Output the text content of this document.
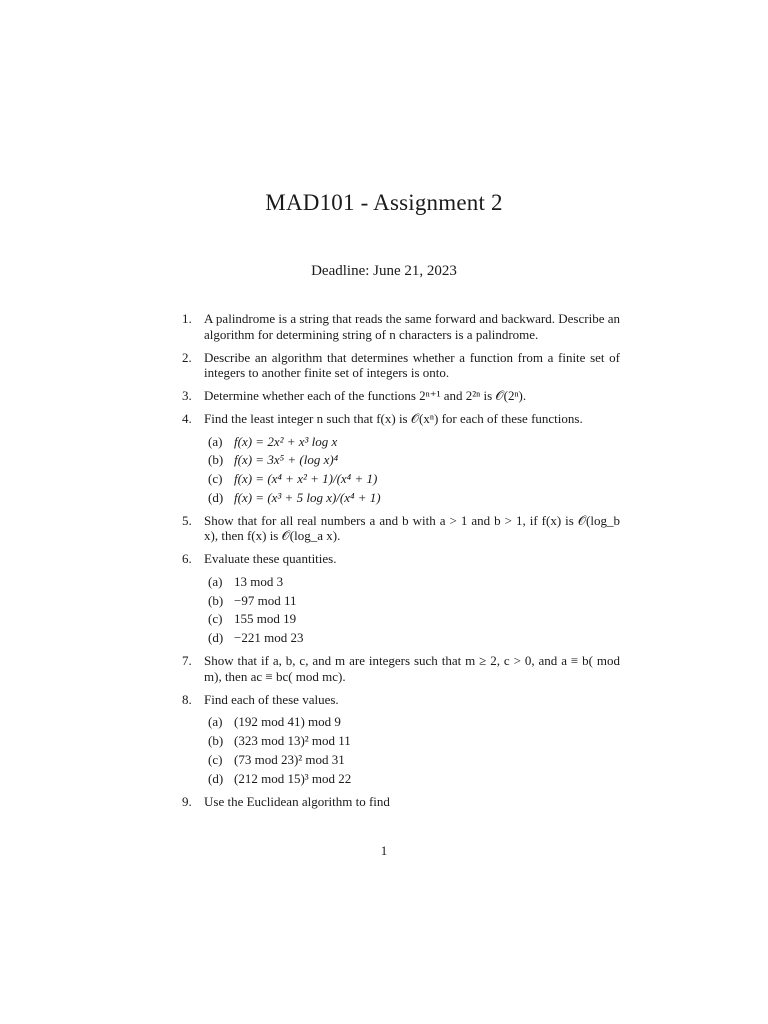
MAD101 - Assignment 2
Deadline: June 21, 2023
1. A palindrome is a string that reads the same forward and backward. Describe an algorithm for determining string of n characters is a palindrome.
2. Describe an algorithm that determines whether a function from a finite set of integers to another finite set of integers is onto.
3. Determine whether each of the functions 2ⁿ⁺¹ and 2²ⁿ is 𝒪(2ⁿ).
4. Find the least integer n such that f(x) is 𝒪(xⁿ) for each of these functions.
(a) f(x) = 2x² + x³ log x
(b) f(x) = 3x⁵ + (log x)⁴
(c) f(x) = (x⁴ + x² + 1)/(x⁴ + 1)
(d) f(x) = (x³ + 5 log x)/(x⁴ + 1)
5. Show that for all real numbers a and b with a > 1 and b > 1, if f(x) is 𝒪(log_b x), then f(x) is 𝒪(log_a x).
6. Evaluate these quantities.
(a) 13 mod 3
(b) −97 mod 11
(c) 155 mod 19
(d) −221 mod 23
7. Show that if a, b, c, and m are integers such that m ≥ 2, c > 0, and a ≡ b( mod m), then ac ≡ bc( mod mc).
8. Find each of these values.
(a) (192 mod 41) mod 9
(b) (323 mod 13)² mod 11
(c) (73 mod 23)² mod 31
(d) (212 mod 15)³ mod 22
9. Use the Euclidean algorithm to find
1
